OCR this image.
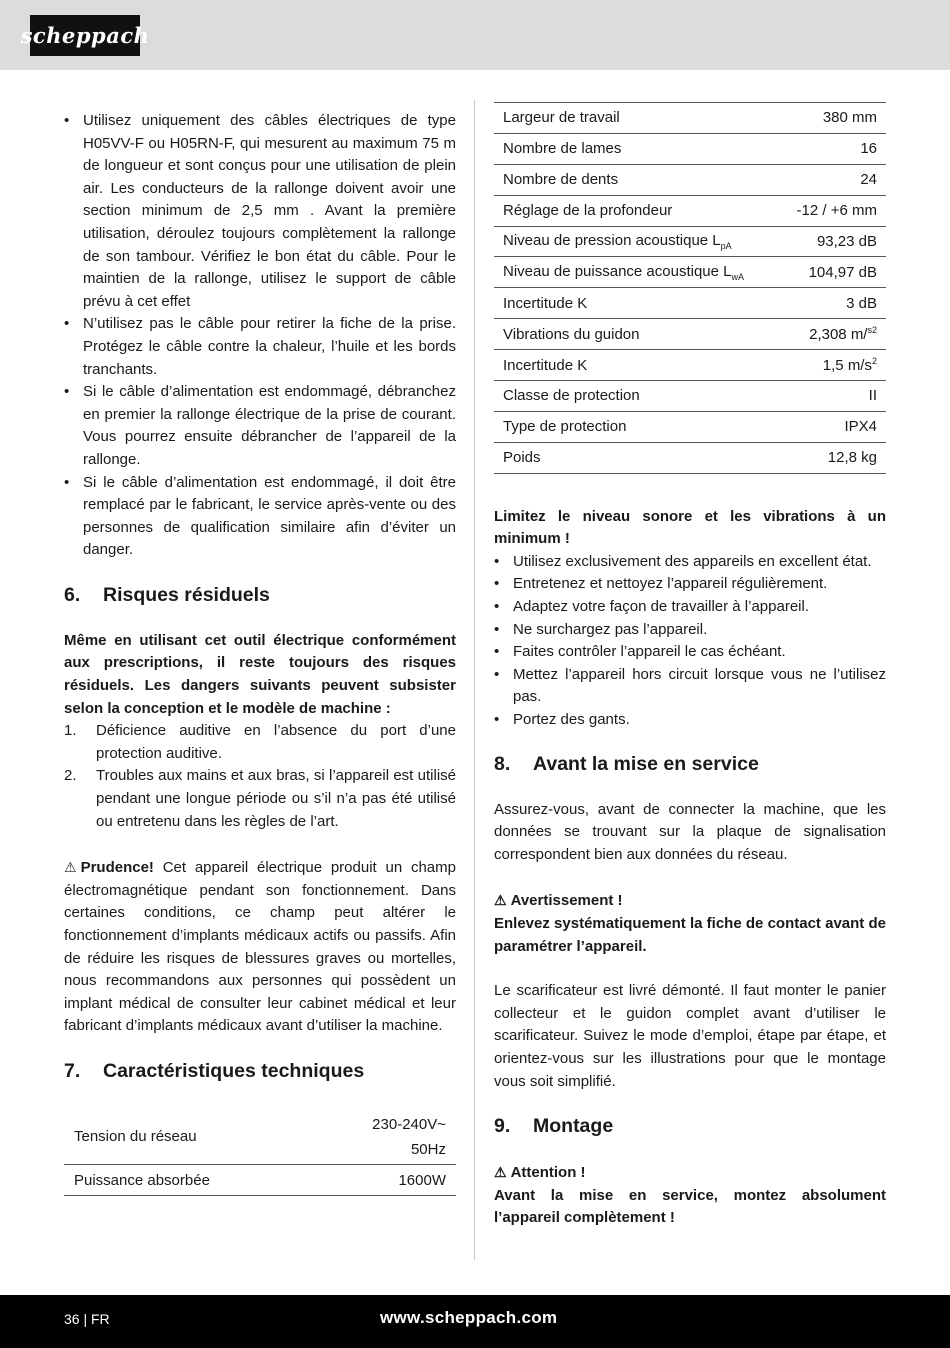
scheppach
• Utilisez uniquement des câbles électriques de type H05VV-F ou H05RN-F, qui mesurent au maximum 75 m de longueur et sont conçus pour une utilisation de plein air. Les conducteurs de la rallonge doivent avoir une section minimum de 2,5 mm . Avant la première utilisation, déroulez toujours complètement la rallonge de son tambour. Vérifiez le bon état du câble. Pour le maintien de la rallonge, utilisez le support de câble prévu à cet effet
• N’utilisez pas le câble pour retirer la fiche de la prise. Protégez le câble contre la chaleur, l’huile et les bords tranchants.
• Si le câble d’alimentation est endommagé, débranchez en premier la rallonge électrique de la prise de courant. Vous pourrez ensuite débrancher de l’appareil de la rallonge.
• Si le câble d’alimentation est endommagé, il doit être remplacé par le fabricant, le service après-vente ou des personnes de qualification similaire afin d’éviter un danger.
6.	Risques résiduels

Même en utilisant cet outil électrique conformément aux prescriptions, il reste toujours des risques résiduels. Les dangers suivants peuvent subsister selon la conception et le modèle de machine :

1. Déficience auditive en l’absence du port d’une protection auditive.
2. Troubles aux mains et aux bras, si l’appareil est utilisé pendant une longue période ou s’il n’a pas été utilisé ou entretenu dans les règles de l’art.

⚠ Prudence! Cet appareil électrique produit un champ électromagnétique pendant son fonctionnement. Dans certaines conditions, ce champ peut altérer le fonctionnement d’implants médicaux actifs ou passifs. Afin de réduire les risques de blessures graves ou mortelles, nous recommandons aux personnes qui possèdent un implant médical de consulter leur cabinet médical et leur fabricant d’implants médicaux avant d’utiliser la machine.

7.	Caractéristiques techniques
Tension du réseau	230-240V~
50Hz

Puissance absorbée	1600W
Largeur de travail	380 mm
Nombre de lames	16
Nombre de dents	24
Réglage de la profondeur	-12 / +6 mm
Niveau de pression acoustique $L_{pA}$	93,23 dB
Niveau de puissance acoustique $L_{wA}$	104,97 dB
Incertitude K	3 dB
Vibrations du guidon	2,308 m/$^{s2}$
Incertitude K	1,5 $m/s^2$
Classe de protection	II
Type de protection	IPX4
Poids	12,8 kg

Limitez le niveau sonore et les vibrations à un minimum !

• Utilisez exclusivement des appareils en excellent état.
• Entretenez et nettoyez l’appareil régulièrement.
• Adaptez votre façon de travailler à l’appareil.
• Ne surchargez pas l’appareil.
• Faites contrôler l’appareil le cas échéant.
• Mettez l’appareil hors circuit lorsque vous ne l’utilisez pas.
• Portez des gants.
8.	Avant la mise en service

Assurez-vous, avant de connecter la machine, que les données se trouvant sur la plaque de signalisation correspondent bien aux données du réseau.

⚠ Avertissement !

Enlevez systématiquement la fiche de contact avant de paramétrer l’appareil.

Le scarificateur est livré démonté. Il faut monter le panier collecteur et le guidon complet avant d’utiliser le scarificateur. Suivez le mode d’emploi, étape par étape, et orientez-vous sur les illustrations pour que le montage vous soit simplifié.

9.	Montage

⚠ Attention !

Avant la mise en service, montez absolument l’appareil complètement !

36 | FR	www.scheppach.com
